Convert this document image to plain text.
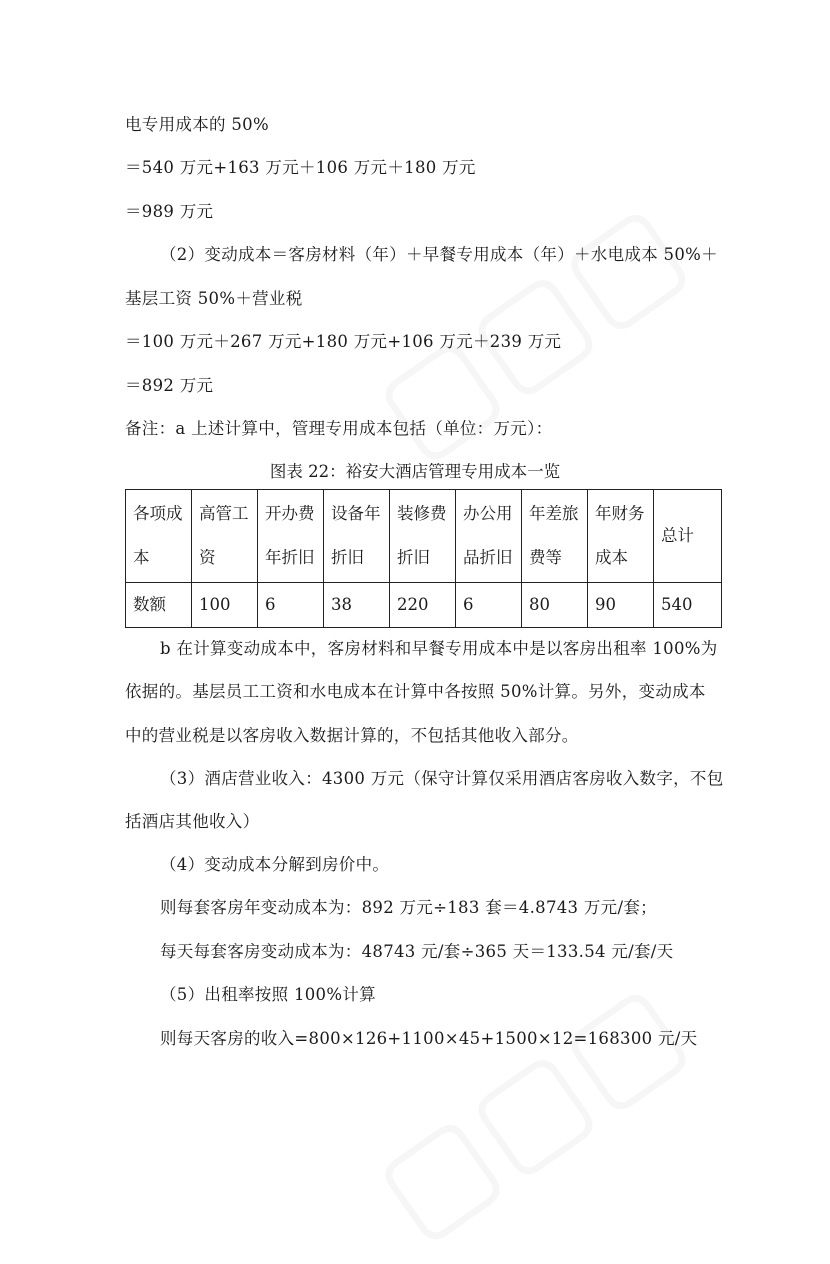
电专用成本的 50%
＝540 万元+163 万元＋106 万元＋180 万元
＝989 万元
（2）变动成本＝客房材料（年）＋早餐专用成本（年）＋水电成本 50%＋
基层工资 50%＋营业税
＝100 万元＋267 万元+180 万元+106 万元＋239 万元
＝892 万元
备注：a 上述计算中，管理专用成本包括（单位：万元）：
图表 22：裕安大酒店管理专用成本一览
各项成本	高管工资	开办费年折旧	设备年折旧	装修费折旧	办公用品折旧	年差旅费等	年财务成本	总计
数额	100	6	38	220	6	80	90	540
b 在计算变动成本中，客房材料和早餐专用成本中是以客房出租率 100%为
依据的。基层员工工资和水电成本在计算中各按照 50%计算。另外，变动成本
中的营业税是以客房收入数据计算的，不包括其他收入部分。
（3）酒店营业收入：4300 万元（保守计算仅采用酒店客房收入数字，不包
括酒店其他收入）
（4）变动成本分解到房价中。
则每套客房年变动成本为：892 万元÷183 套＝4.8743 万元/套；
每天每套客房变动成本为：48743 元/套÷365 天＝133.54 元/套/天
（5）出租率按照 100%计算
则每天客房的收入=800×126+1100×45+1500×12=168300 元/天
